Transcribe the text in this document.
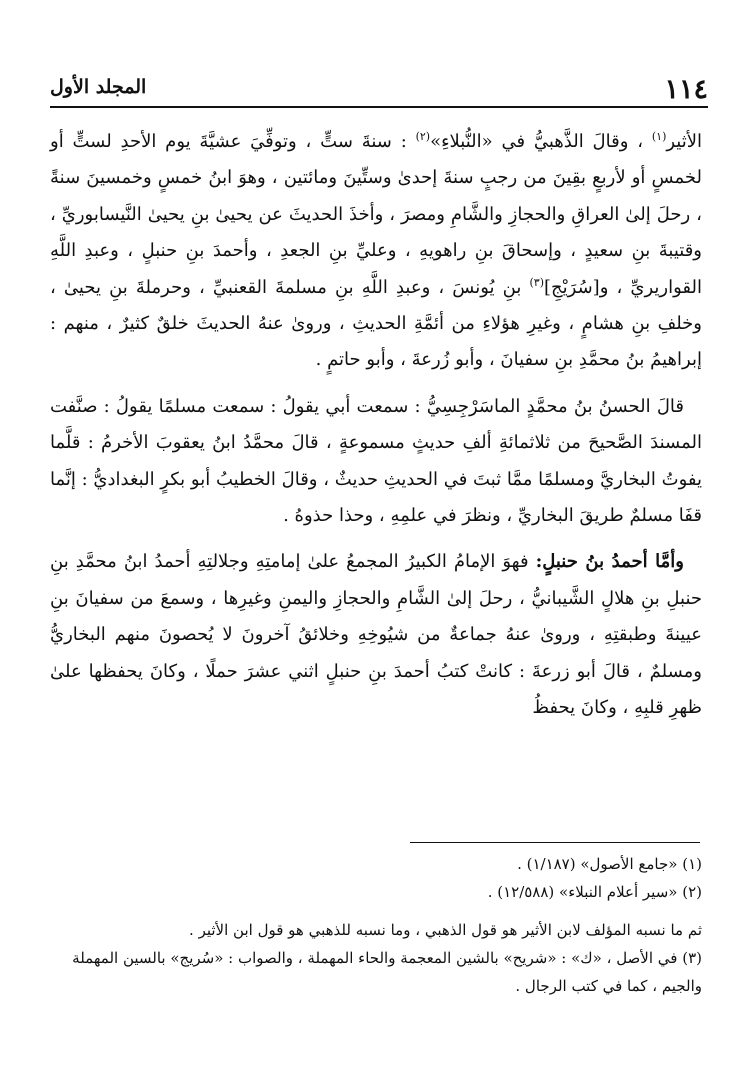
١١٤
المجلد الأول

الأثير$^{(١)}$ ، وقالَ الذَّهبيُّ في «النُّبلاءِ»$^{(٢)}$ : سنةَ ستٍّ ، وتوفِّيَ عشيَّةَ يوم الأحدِ لستٍّ أو لخمسٍ أو لأربعٍ بقِينَ من رجبٍ سنةَ إحدىٰ وستِّينَ ومائتين ، وهوَ ابنُ خمسٍ وخمسينَ سنةً ، رحلَ إلىٰ العراقِ والحجازِ والشَّامِ ومصرَ ، وأخذَ الحديثَ عن يحيىٰ بنِ يحيىٰ النَّيسابوريِّ ، وقتيبةَ بنِ سعيدٍ ، وإسحاقَ بنِ راهويهِ ، وعليِّ بنِ الجعدِ ، وأحمدَ بنِ حنبلٍ ، وعبدِ اللَّهِ القواريريِّ ، و[سُرَيْجِ]$^{(٣)}$ بنِ يُونسَ ، وعبدِ اللَّهِ بنِ مسلمةَ القعنبيِّ ، وحرملةَ بنِ يحيىٰ ، وخلفِ بنِ هشامٍ ، وغيرِ هؤلاءِ من أئمَّةِ الحديثِ ، وروىٰ عنهُ الحديثَ خلقٌ كثيرٌ ، منهم : إبراهيمُ بنُ محمَّدِ بنِ سفيانَ ، وأبو زُرعةَ ، وأبو حاتمٍ .

قالَ الحسنُ بنُ محمَّدٍ الماسَرْجِسِيُّ : سمعت أبي يقولُ : سمعت مسلمًا يقولُ : صنَّفت المسندَ الصَّحيحَ من ثلاثمائةِ ألفِ حديثٍ مسموعةٍ ، قالَ محمَّدُ ابنُ يعقوبَ الأخرمُ : قلَّما يفوتُ البخاريَّ ومسلمًا ممَّا ثبتَ في الحديثِ حديثٌ ، وقالَ الخطيبُ أبو بكرٍ البغداديُّ : إنَّما قفَا مسلمٌ طريقَ البخاريِّ ، ونظرَ في علمِهِ ، وحذا حذوهُ .

وأمَّا أحمدُ بنُ حنبلٍ: فهوَ الإمامُ الكبيرُ المجمعُ علىٰ إمامتِهِ وجلالتِهِ أحمدُ ابنُ محمَّدِ بنِ حنبلِ بنِ هلالٍ الشَّيبانيُّ ، رحلَ إلىٰ الشَّامِ والحجازِ واليمنِ وغيرِها ، وسمعَ من سفيانَ بنِ عيينةَ وطبقتِهِ ، وروىٰ عنهُ جماعةٌ من شيُوخِهِ وخلائقُ آخرونَ لا يُحصونَ منهم البخاريُّ ومسلمٌ ، قالَ أبو زرعةَ : كانتْ كتبُ أحمدَ بنِ حنبلٍ اثني عشرَ حملًا ، وكانَ يحفظها علىٰ ظهرِ قلبِهِ ، وكانَ يحفظُ

(١) «جامع الأصول» (١/١٨٧) .

(٢) «سير أعلام النبلاء» (١٢/٥٨٨) .

ثم ما نسبه المؤلف لابن الأثير هو قول الذهبي ، وما نسبه للذهبي هو قول ابن الأثير .

(٣) في الأصل ، «ك» : «شريح» بالشين المعجمة والحاء المهملة ، والصواب : «سُريج» بالسين المهملة والجيم ، كما في كتب الرجال .
